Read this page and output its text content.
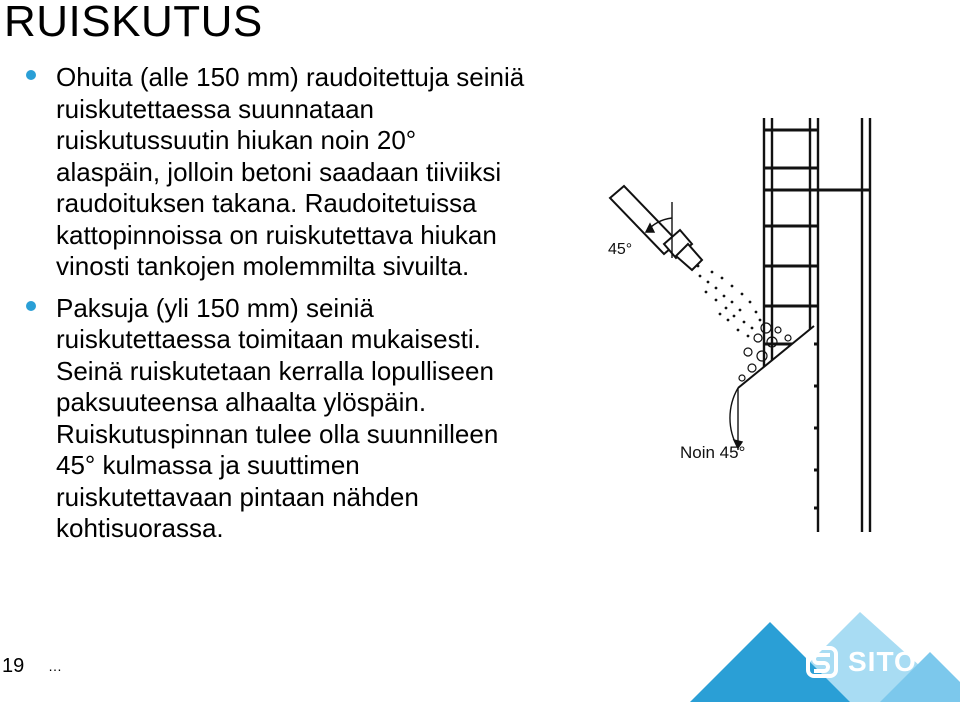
RUISKUTUS
Ohuita (alle 150 mm) raudoitettuja seiniä
ruiskutettaessa suunnataan
ruiskutussuutin hiukan noin 20°
alaspäin, jolloin betoni saadaan tiiviiksi
raudoituksen takana. Raudoitetuissa
kattopinnoissa on ruiskutettava hiukan
vinosti tankojen molemmilta sivuilta.
Paksuja (yli 150 mm) seiniä
ruiskutettaessa toimitaan mukaisesti.
Seinä ruiskutetaan kerralla lopulliseen
paksuuteensa alhaalta ylöspäin.
Ruiskutuspinnan tulee olla suunnilleen
45° kulmassa ja suuttimen
ruiskutettavaan pintaan nähden
kohtisuorassa.
45°
Noin 45°
SITO
19 …
